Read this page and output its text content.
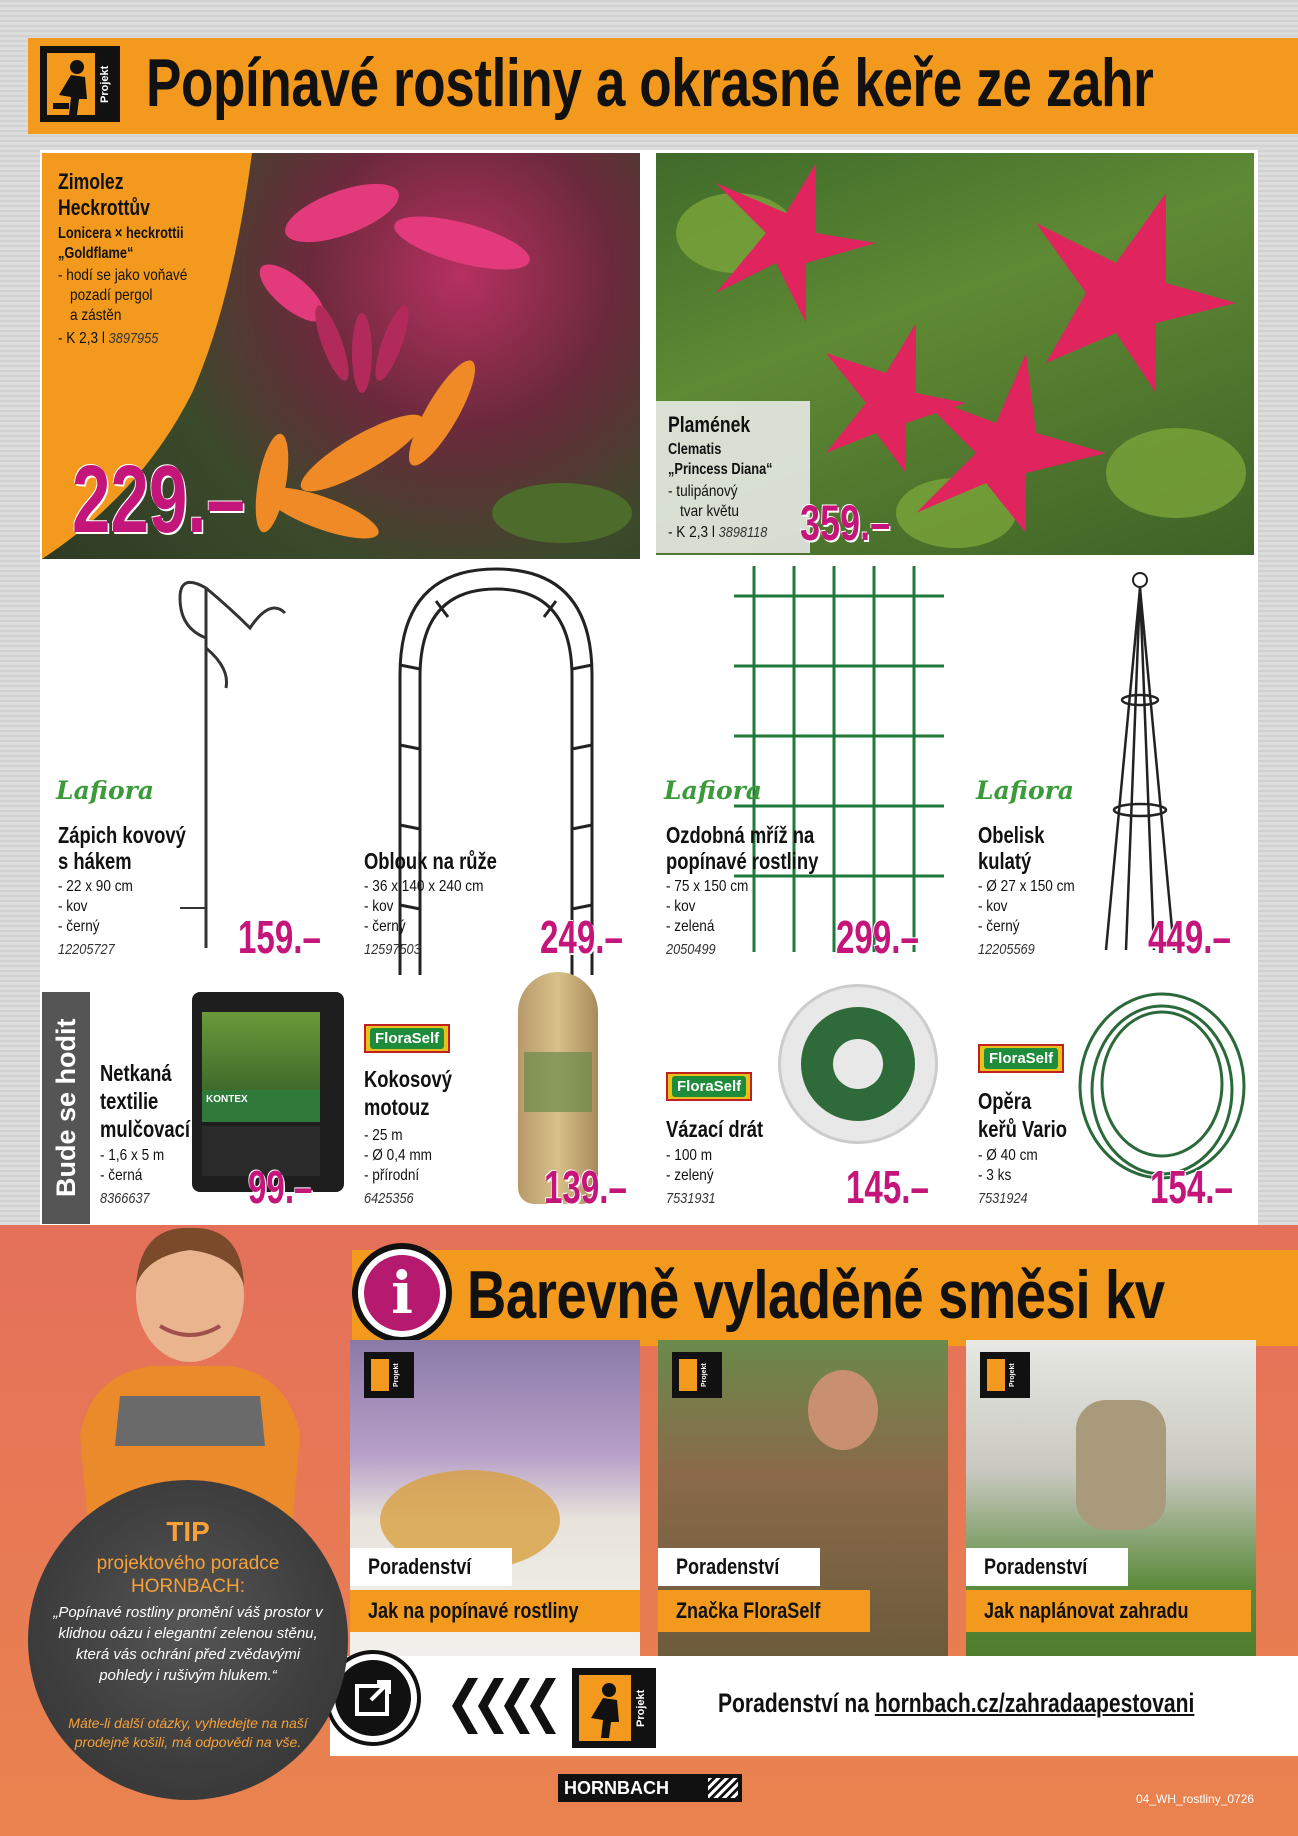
Popínavé rostliny a okrasné keře ze zahr
Projekt
Zimolez
Heckrottův
Lonicera × heckrottii
„Goldflame“
- hodí se jako voňavé
pozadí pergol
a zástěn
- K 2,3 l 3897955
229.–
Plamének
Clematis
„Princess Diana“
- tulipánový
tvar květu
- K 2,3 l 3898118 359.–
Lafiora
Zápich kovový
s hákem
- 22 x 90 cm
- kov
- černý
12205727	159.–
Oblouk na růže
- 36 x 140 x 240 cm
- kov
- černý
12597503	249.–
Lafiora
Ozdobná mříž na
popínavé rostliny
- 75 x 150 cm
- kov
- zelená
2050499	299.–
Lafiora
Obelisk
kulatý
- Ø 27 x 150 cm
- kov
- černý
12205569 449.–
Bude se hodit	KONTEX
Netkaná
textilie
mulčovací
- 1,6 x 5 m
- černá
8366637 99.–
FloraSelf
Kokosový
motouz
- 25 m
- Ø 0,4 mm
- přírodní
6425356	139.–
FloraSelf
Vázací drát
- 100 m
- zelený
7531931	145.–
FloraSelf
Opěra
keřů Vario
- Ø 40 cm
- 3 ks
7531924	154.–
Barevně vyladěné směsi kv
i
Projekt
Poradenství
Jak na popínavé rostliny
Projekt
Poradenství
Značka FloraSelf
Projekt
Poradenství
Jak naplánovat zahradu
Projekt	Poradenství na hornbach.cz/zahradaapestovani
TIP
projektového poradce
HORNBACH:
„Popínavé rostliny promění váš prostor v klidnou oázu i elegantní zelenou stěnu, která vás ochrání před zvědavými pohledy i rušivým hlukem.“
Máte-li další otázky, vyhledejte na naší prodejně košili, má odpovědi na vše.
HORNBACH
04_WH_rostliny_0726
